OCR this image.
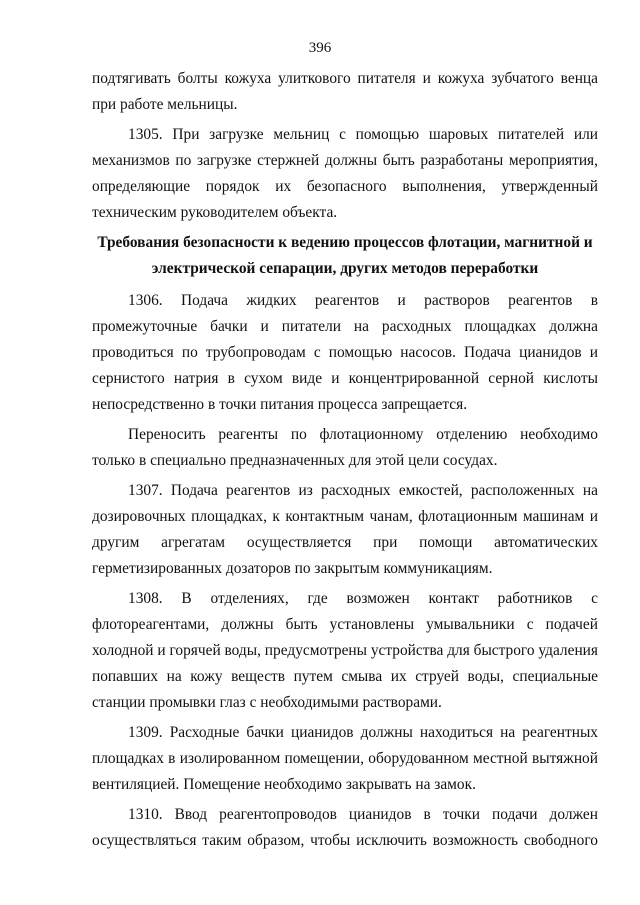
396

подтягивать болты кожуха улиткового питателя и кожуха зубчатого венца при работе мельницы.

1305. При загрузке мельниц с помощью шаровых питателей или механизмов по загрузке стержней должны быть разработаны мероприятия, определяющие порядок их безопасного выполнения, утвержденный техническим руководителем объекта.

Требования безопасности к ведению процессов флотации, магнитной и электрической сепарации, других методов переработки

1306. Подача жидких реагентов и растворов реагентов в промежуточные бачки и питатели на расходных площадках должна проводиться по трубопроводам с помощью насосов. Подача цианидов и сернистого натрия в сухом виде и концентрированной серной кислоты непосредственно в точки питания процесса запрещается.

Переносить реагенты по флотационному отделению необходимо только в специально предназначенных для этой цели сосудах.

1307. Подача реагентов из расходных емкостей, расположенных на дозировочных площадках, к контактным чанам, флотационным машинам и другим агрегатам осуществляется при помощи автоматических герметизированных дозаторов по закрытым коммуникациям.

1308. В отделениях, где возможен контакт работников с флотореагентами, должны быть установлены умывальники с подачей холодной и горячей воды, предусмотрены устройства для быстрого удаления попавших на кожу веществ путем смыва их струей воды, специальные станции промывки глаз с необходимыми растворами.

1309. Расходные бачки цианидов должны находиться на реагентных площадках в изолированном помещении, оборудованном местной вытяжной вентиляцией. Помещение необходимо закрывать на замок.

1310. Ввод реагентопроводов цианидов в точки подачи должен осуществляться таким образом, чтобы исключить возможность свободного
